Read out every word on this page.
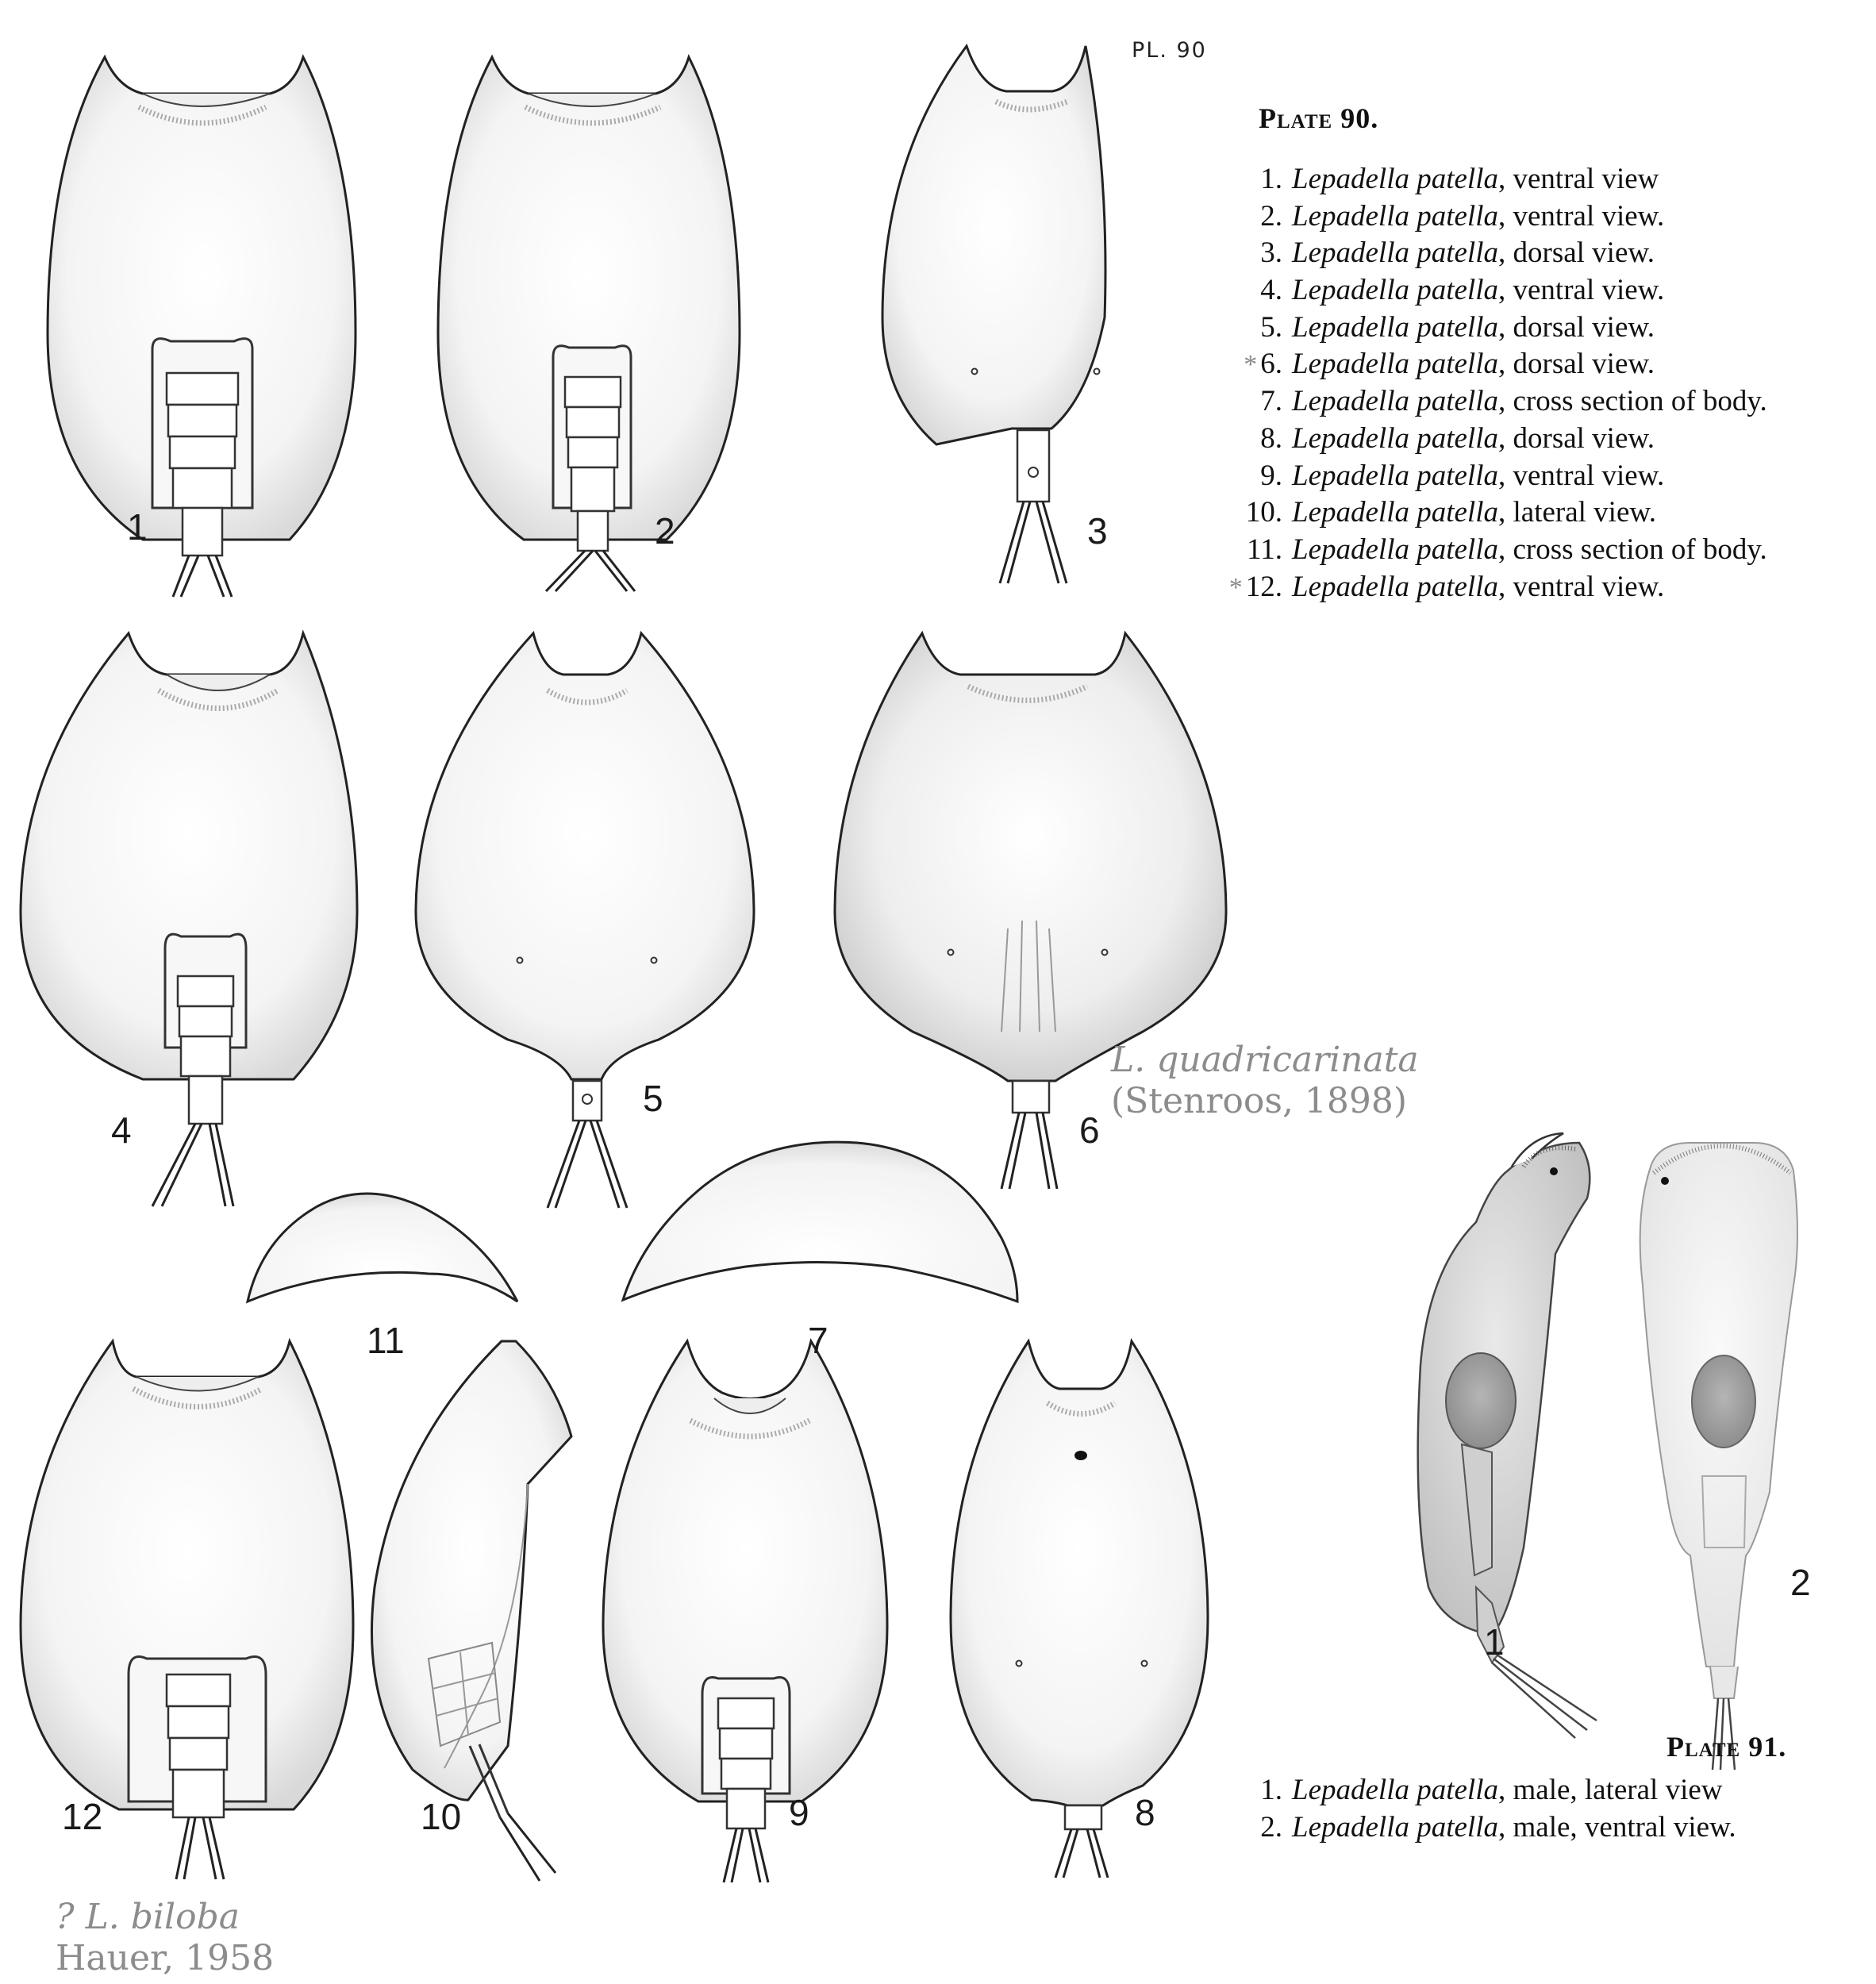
1	2	3
4
5
6
7
8
9
10
11
12
1
2
PL. 90
Plate 90.
1. Lepadella patella , ventral view
2. Lepadella patella , ventral view.
3. Lepadella patella , dorsal view.
4. Lepadella patella , ventral view.
5. Lepadella patella , dorsal view.
* 6. Lepadella patella , dorsal view.
7. Lepadella patella , cross section of body.
8. Lepadella patella , dorsal view.
9. Lepadella patella , ventral view.
10. Lepadella patella , lateral view.
11. Lepadella patella , cross section of body.
* 12. Lepadella patella , ventral view.
Plate 91.
1. Lepadella patella , male, lateral view
2. Lepadella patella , male, ventral view.
L. quadricarinata
(Stenroos, 1898)
? L. biloba
Hauer, 1958
